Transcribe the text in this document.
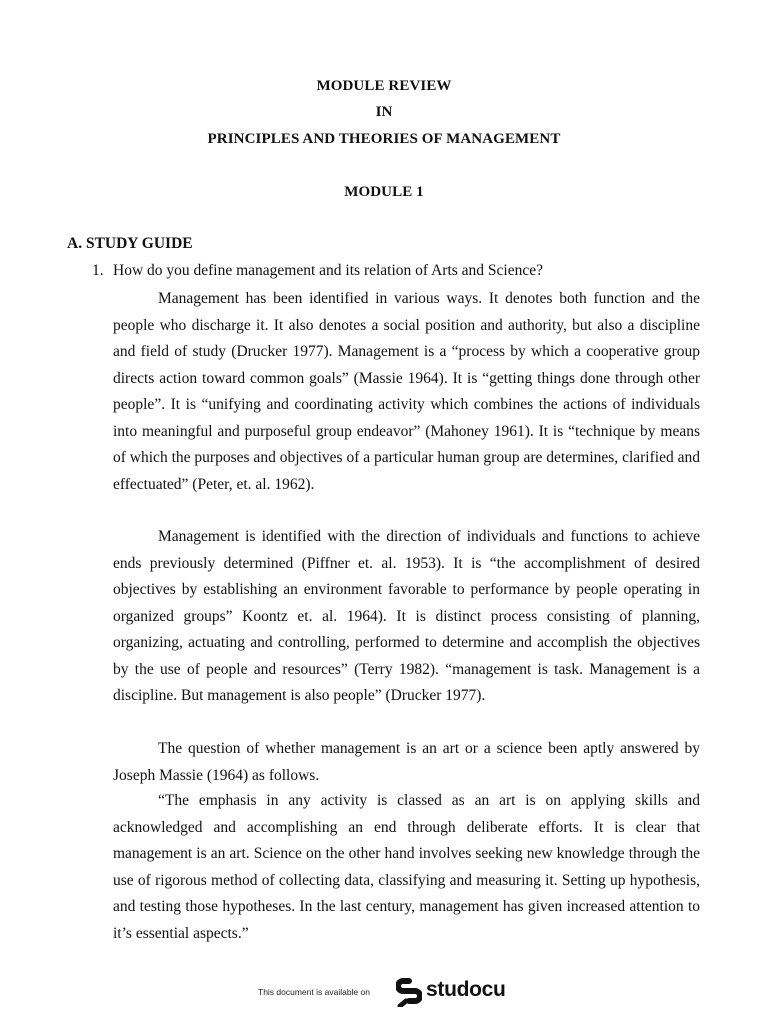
MODULE REVIEW
IN
PRINCIPLES AND THEORIES OF MANAGEMENT
MODULE 1
A. STUDY GUIDE
1. How do you define management and its relation of Arts and Science?

Management has been identified in various ways. It denotes both function and the people who discharge it. It also denotes a social position and authority, but also a discipline and field of study (Drucker 1977). Management is a “process by which a cooperative group directs action toward common goals” (Massie 1964). It is “getting things done through other people”. It is “unifying and coordinating activity which combines the actions of individuals into meaningful and purposeful group endeavor” (Mahoney 1961). It is “technique by means of which the purposes and objectives of a particular human group are determines, clarified and effectuated” (Peter, et. al. 1962).

Management is identified with the direction of individuals and functions to achieve ends previously determined (Piffner et. al. 1953). It is “the accomplishment of desired objectives by establishing an environment favorable to performance by people operating in organized groups” Koontz et. al. 1964). It is distinct process consisting of planning, organizing, actuating and controlling, performed to determine and accomplish the objectives by the use of people and resources” (Terry 1982). “management is task. Management is a discipline. But management is also people” (Drucker 1977).

The question of whether management is an art or a science been aptly answered by Joseph Massie (1964) as follows.

“The emphasis in any activity is classed as an art is on applying skills and acknowledged and accomplishing an end through deliberate efforts. It is clear that management is an art. Science on the other hand involves seeking new knowledge through the use of rigorous method of collecting data, classifying and measuring it. Setting up hypothesis, and testing those hypotheses. In the last century, management has given increased attention to it’s essential aspects.”

This document is available on	studocu
